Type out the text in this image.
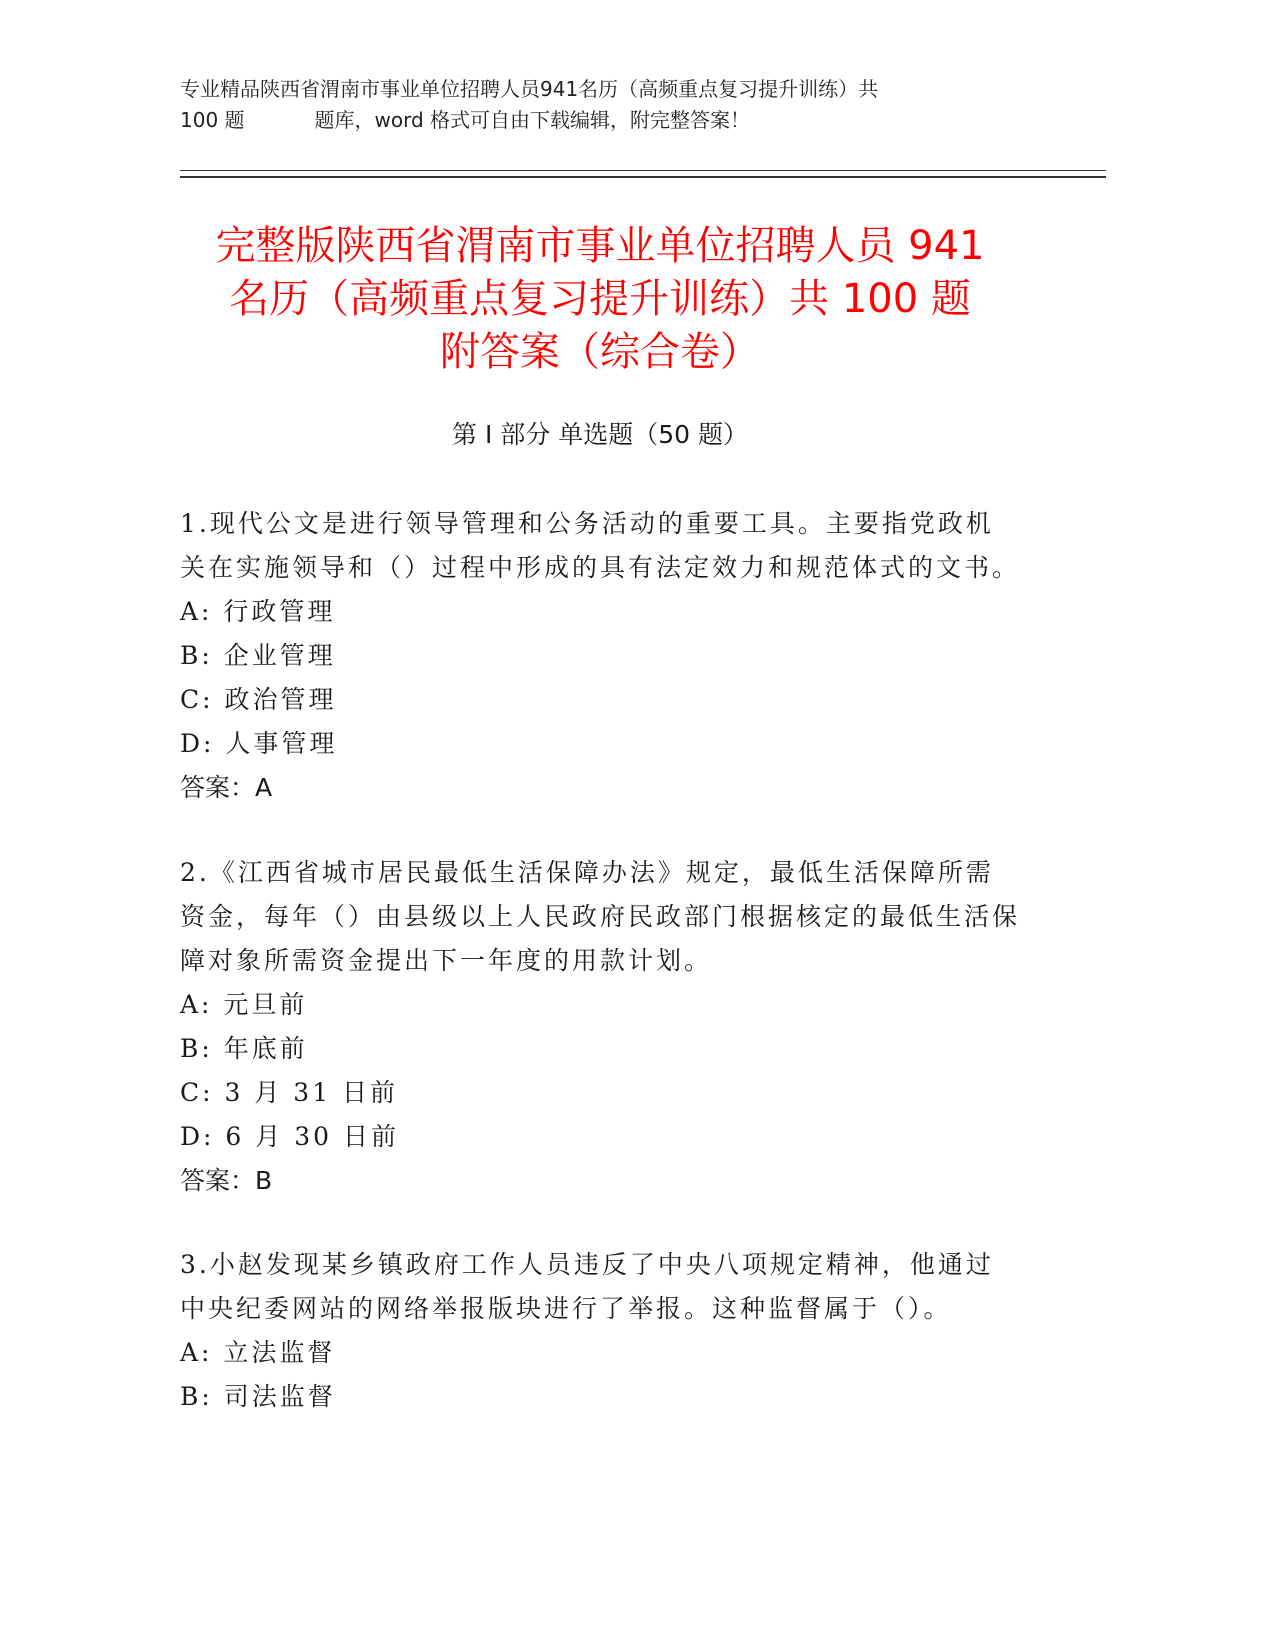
专业精品陕西省渭南市事业单位招聘人员941名历（高频重点复习提升训练）共
100 题	题库，word 格式可自由下载编辑，附完整答案！
完整版陕西省渭南市事业单位招聘人员 941
名历（高频重点复习提升训练）共 100 题
附答案（综合卷）
第 I 部分 单选题（50 题）

1.现代公文是进行领导管理和公务活动的重要工具。主要指党政机关在实施领导和（）过程中形成的具有法定效力和规范体式的文书。

A: 行政管理

B: 企业管理

C: 政治管理

D: 人事管理

答案：A

2.《江西省城市居民最低生活保障办法》规定，最低生活保障所需资金，每年（）由县级以上人民政府民政部门根据核定的最低生活保障对象所需资金提出下一年度的用款计划。

A: 元旦前

B: 年底前

C: 3 月 31 日前

D: 6 月 30 日前

答案：B

3.小赵发现某乡镇政府工作人员违反了中央八项规定精神，他通过中央纪委网站的网络举报版块进行了举报。这种监督属于（）。

A: 立法监督

B: 司法监督
